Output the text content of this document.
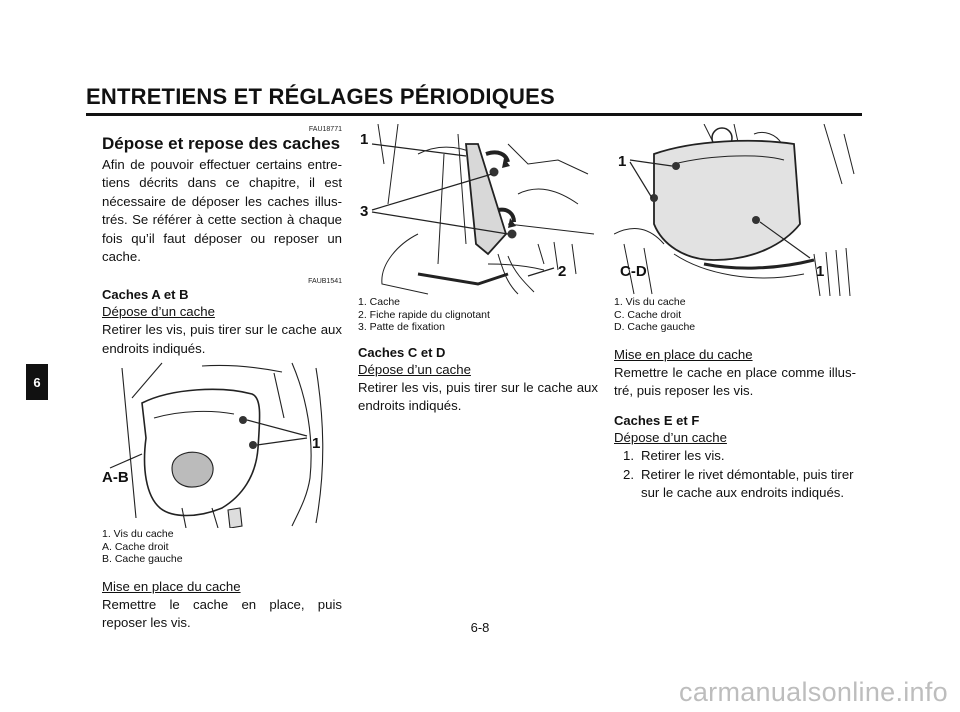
ENTRETIENS ET RÉGLAGES PÉRIODIQUES
6
FAU18771
Dépose et repose des caches

Afin de pouvoir effectuer certains entre-tiens décrits dans ce chapitre, il est nécessaire de déposer les caches illus-trés. Se référer à cette section à chaque fois qu’il faut déposer ou reposer un cache.

FAUB1541
Caches A et B

Dépose d’un cache

Retirer les vis, puis tirer sur le cache aux endroits indiqués.

1
A-B

1. Vis du cache

A. Cache droit

B. Cache gauche

Mise en place du cache

Remettre le cache en place, puis reposer les vis.

1
3
2

1. Cache

2. Fiche rapide du clignotant

3. Patte de fixation

Caches C et D

Dépose d’un cache

Retirer les vis, puis tirer sur le cache aux endroits indiqués.

1
C-D	1

1. Vis du cache

C. Cache droit

D. Cache gauche

Mise en place du cache

Remettre le cache en place comme illus-tré, puis reposer les vis.

Caches E et F

Dépose d’un cache

1. Retirer les vis.
2. Retirer le rivet démontable, puis tirer sur le cache aux endroits indiqués.
6-8
carmanualsonline.info
